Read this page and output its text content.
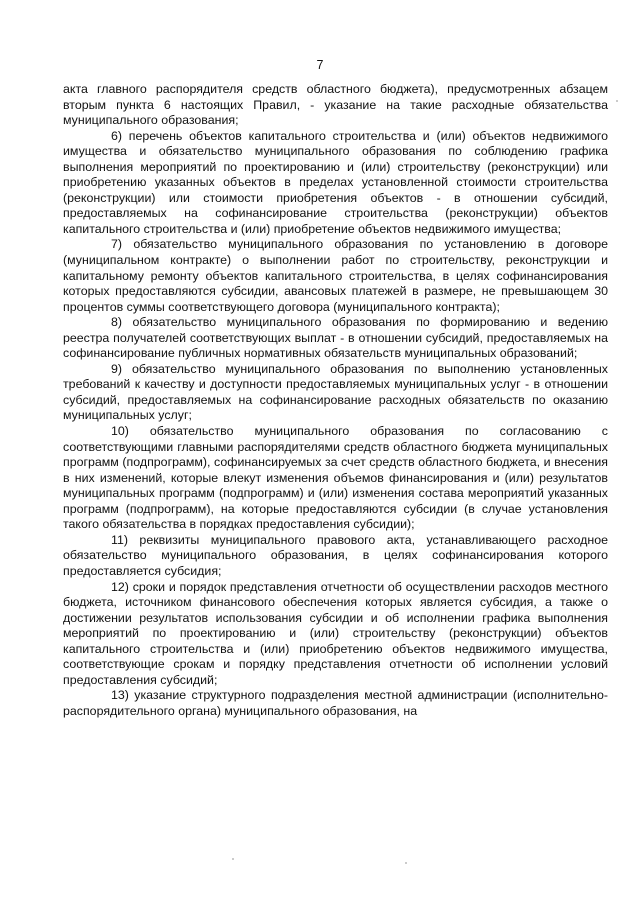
7

акта главного распорядителя средств областного бюджета), предусмотренных абзацем вторым пункта 6 настоящих Правил, - указание на такие расходные обязательства муниципального образования;

6) перечень объектов капитального строительства и (или) объектов недвижимого имущества и обязательство муниципального образования по соблюдению графика выполнения мероприятий по проектированию и (или) строительству (реконструкции) или приобретению указанных объектов в пределах установленной стоимости строительства (реконструкции) или стоимости приобретения объектов - в отношении субсидий, предоставляемых на софинансирование строительства (реконструкции) объектов капитального строительства и (или) приобретение объектов недвижимого имущества;

7) обязательство муниципального образования по установлению в договоре (муниципальном контракте) о выполнении работ по строительству, реконструкции и капитальному ремонту объектов капитального строительства, в целях софинансирования которых предоставляются субсидии, авансовых платежей в размере, не превышающем 30 процентов суммы соответствующего договора (муниципального контракта);

8) обязательство муниципального образования по формированию и ведению реестра получателей соответствующих выплат - в отношении субсидий, предоставляемых на софинансирование публичных нормативных обязательств муниципальных образований;

9) обязательство муниципального образования по выполнению установленных требований к качеству и доступности предоставляемых муниципальных услуг - в отношении субсидий, предоставляемых на софинансирование расходных обязательств по оказанию муниципальных услуг;

10) обязательство муниципального образования по согласованию с соответствующими главными распорядителями средств областного бюджета муниципальных программ (подпрограмм), софинансируемых за счет средств областного бюджета, и внесения в них изменений, которые влекут изменения объемов финансирования и (или) результатов муниципальных программ (подпрограмм) и (или) изменения состава мероприятий указанных программ (подпрограмм), на которые предоставляются субсидии (в случае установления такого обязательства в порядках предоставления субсидии);

11) реквизиты муниципального правового акта, устанавливающего расходное обязательство муниципального образования, в целях софинансирования которого предоставляется субсидия;

12) сроки и порядок представления отчетности об осуществлении расходов местного бюджета, источником финансового обеспечения которых является субсидия, а также о достижении результатов использования субсидии и об исполнении графика выполнения мероприятий по проектированию и (или) строительству (реконструкции) объектов капитального строительства и (или) приобретению объектов недвижимого имущества, соответствующие срокам и порядку представления отчетности об исполнении условий предоставления субсидий;

13) указание структурного подразделения местной администрации (исполнительно-распорядительного органа) муниципального образования, на
